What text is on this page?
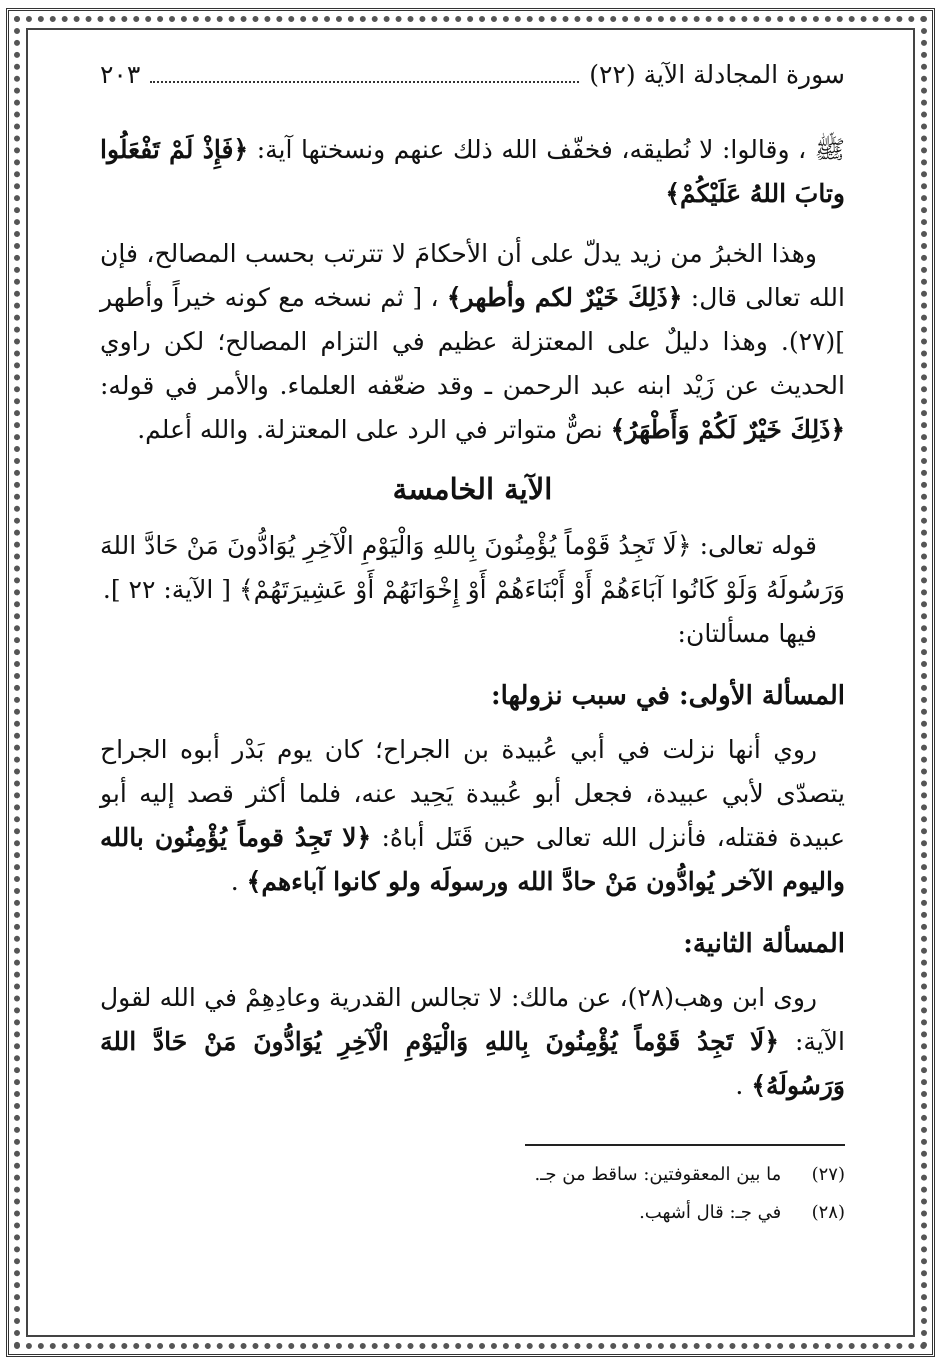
سورة المجادلة الآية (٢٢)
٢٠٣

ﷺ ، وقالوا: لا نُطيقه، فخفّف الله ذلك عنهم ونسختها آية: ﴿فَإِذْ لَمْ تَفْعَلُوا وتابَ اللهُ عَلَيْكُمْ﴾

وهذا الخبرُ من زيد يدلّ على أن الأحكامَ لا تترتب بحسب المصالح، فإن الله تعالى قال: ﴿ذَلِكَ خَيْرٌ لكم وأطهر﴾ ، [ ثم نسخه مع كونه خيراً وأطهر ](٢٧). وهذا دليلٌ على المعتزلة عظيم في التزام المصالح؛ لكن راوي الحديث عن زَيْد ابنه عبد الرحمن ـ وقد ضعّفه العلماء. والأمر في قوله: ﴿ذَلِكَ خَيْرٌ لَكُمْ وَأَطْهَرُ﴾ نصٌّ متواتر في الرد على المعتزلة. والله أعلم.

الآية الخامسة

قوله تعالى: ﴿لَا تَجِدُ قَوْماً يُؤْمِنُونَ بِاللهِ وَالْيَوْمِ الْآخِرِ يُوَادُّونَ مَنْ حَادَّ اللهَ وَرَسُولَهُ وَلَوْ كَانُوا آبَاءَهُمْ أَوْ أَبْنَاءَهُمْ أَوْ إِخْوَانَهُمْ أَوْ عَشِيرَتَهُمْ﴾ [ الآية: ٢٢ ].

فيها مسألتان:

المسألة الأولى: في سبب نزولها:

روي أنها نزلت في أبي عُبيدة بن الجراح؛ كان يوم بَدْر أبوه الجراح يتصدّى لأبي عبيدة، فجعل أبو عُبيدة يَحِيد عنه، فلما أكثر قصد إليه أبو عبيدة فقتله، فأنزل الله تعالى حين قَتَل أباهُ: ﴿لا تَجِدُ قوماً يُؤْمِنُون بالله واليوم الآخر يُوادُّون مَنْ حادَّ الله ورسولَه ولو كانوا آباءهم﴾ .

المسألة الثانية:

روى ابن وهب(٢٨)، عن مالك: لا تجالس القدرية وعادِهِمْ في الله لقول الآية: ﴿لَا تَجِدُ قَوْماً يُؤْمِنُونَ بِاللهِ وَالْيَوْمِ الْآخِرِ يُوَادُّونَ مَنْ حَادَّ اللهَ وَرَسُولَهُ﴾ .

(٢٧) ما بين المعقوفتين: ساقط من جـ.
(٢٨) في جـ: قال أشهب.
